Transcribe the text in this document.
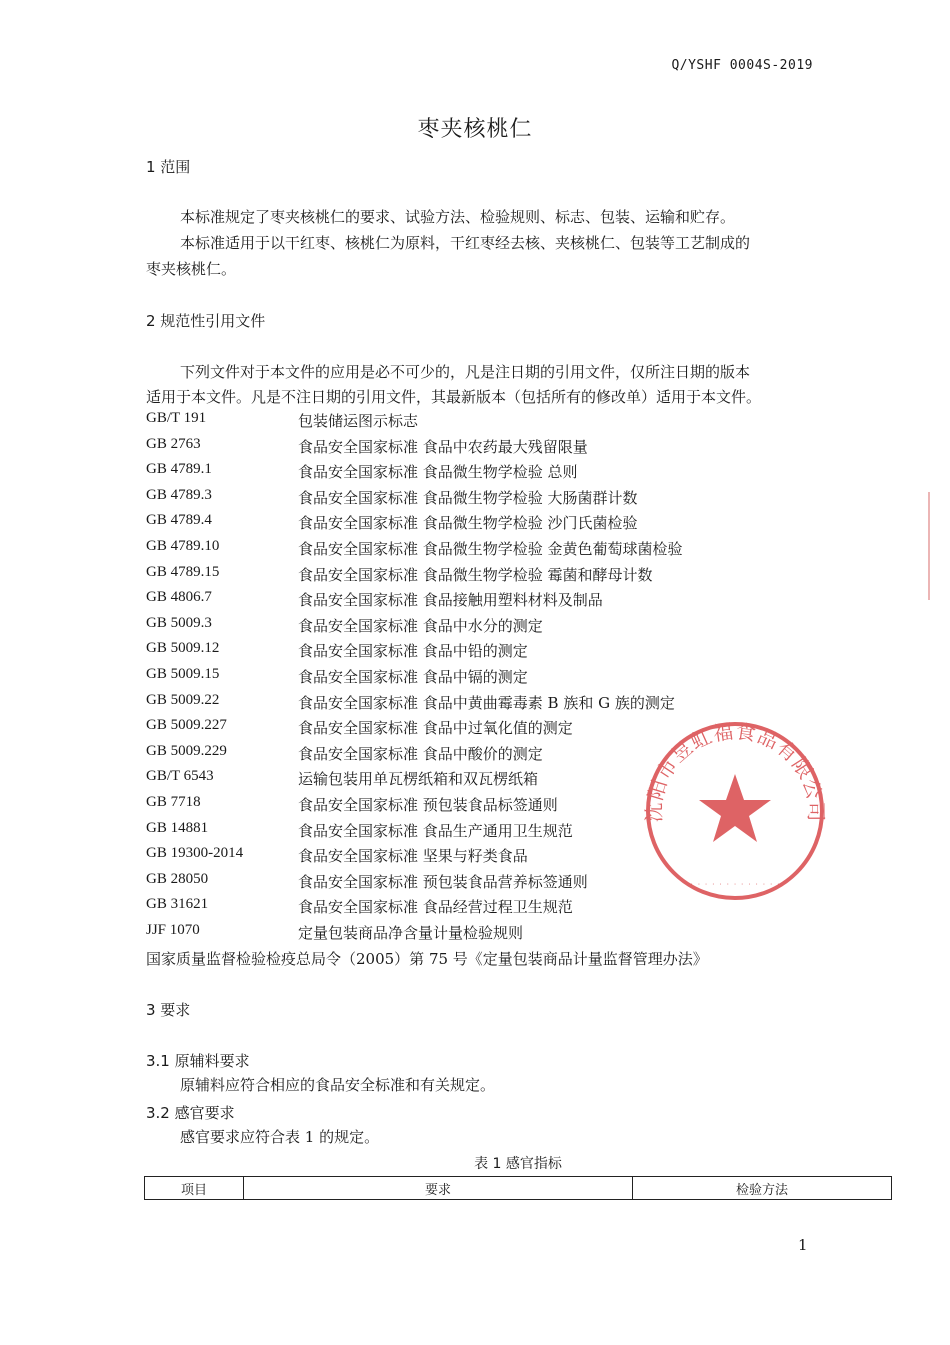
Q/YSHF 0004S-2019
枣夹核桃仁
1 范围
本标准规定了枣夹核桃仁的要求、试验方法、检验规则、标志、包装、运输和贮存。
本标准适用于以干红枣、核桃仁为原料，干红枣经去核、夹核桃仁、包装等工艺制成的
枣夹核桃仁。
2 规范性引用文件
下列文件对于本文件的应用是必不可少的，凡是注日期的引用文件，仅所注日期的版本
适用于本文件。凡是不注日期的引用文件，其最新版本（包括所有的修改单）适用于本文件。
GB/T 191	包装储运图示标志
GB 2763	食品安全国家标准 食品中农药最大残留限量
GB 4789.1	食品安全国家标准 食品微生物学检验 总则
GB 4789.3	食品安全国家标准 食品微生物学检验 大肠菌群计数
GB 4789.4	食品安全国家标准 食品微生物学检验 沙门氏菌检验
GB 4789.10	食品安全国家标准 食品微生物学检验 金黄色葡萄球菌检验
GB 4789.15	食品安全国家标准 食品微生物学检验 霉菌和酵母计数
GB 4806.7	食品安全国家标准 食品接触用塑料材料及制品
GB 5009.3	食品安全国家标准 食品中水分的测定
GB 5009.12	食品安全国家标准 食品中铅的测定
GB 5009.15	食品安全国家标准 食品中镉的测定
GB 5009.22	食品安全国家标准 食品中黄曲霉毒素 B 族和 G 族的测定
GB 5009.227	食品安全国家标准 食品中过氧化值的测定
GB 5009.229	食品安全国家标准 食品中酸价的测定
GB/T 6543	运输包装用单瓦楞纸箱和双瓦楞纸箱
GB 7718	食品安全国家标准 预包装食品标签通则
GB 14881	食品安全国家标准 食品生产通用卫生规范
GB 19300-2014	食品安全国家标准 坚果与籽类食品
GB 28050	食品安全国家标准 预包装食品营养标签通则
GB 31621	食品安全国家标准 食品经营过程卫生规范
JJF 1070	定量包装商品净含量计量检验规则
国家质量监督检验检疫总局令（2005）第 75 号《定量包装商品计量监督管理办法》
3 要求
3.1 原辅料要求
原辅料应符合相应的食品安全标准和有关规定。
3.2 感官要求
感官要求应符合表 1 的规定。
表 1 感官指标
项目	要求	检验方法
1
沈阳市昱虹福食品有限公司
· · · · · · · · · · · · ·
